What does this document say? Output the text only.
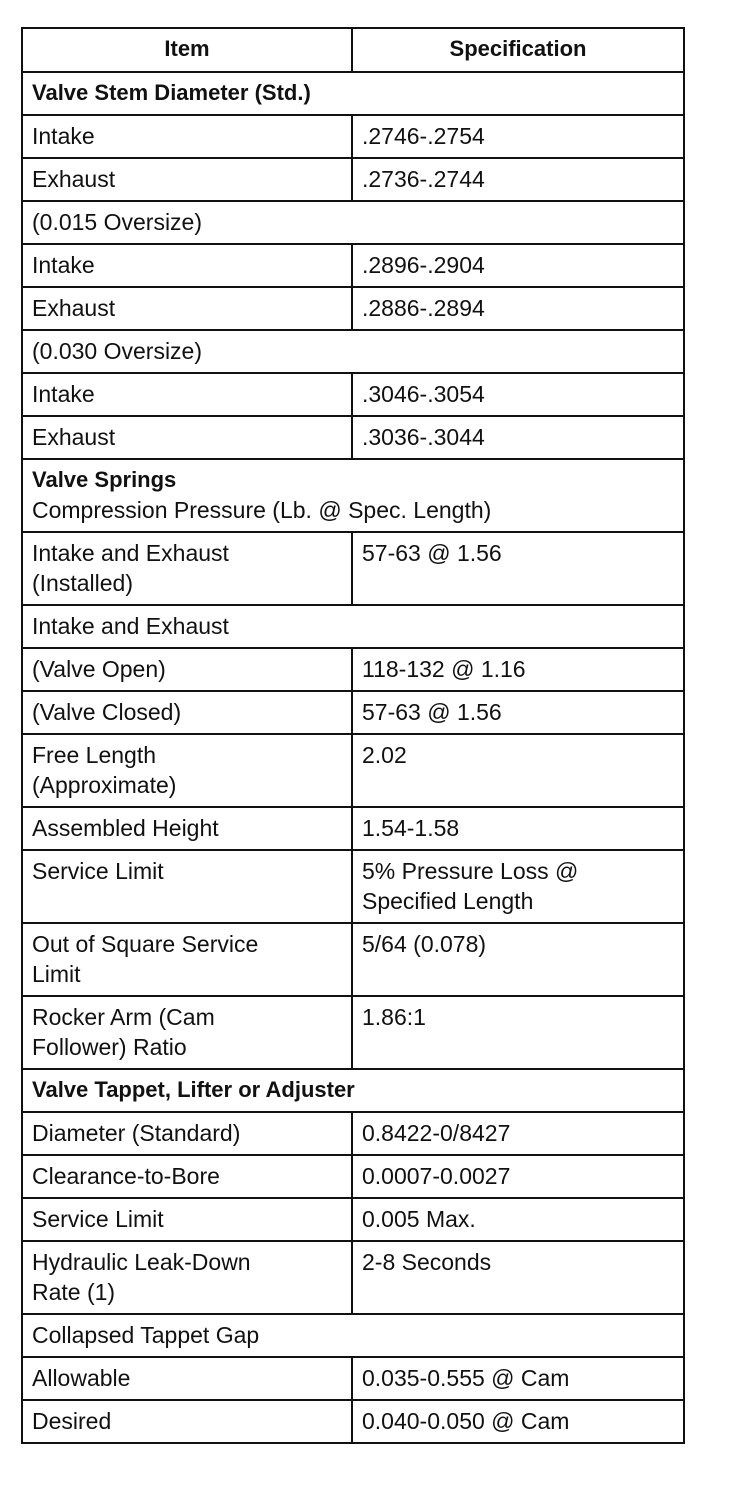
Item	Specification

Valve Stem Diameter (Std.)	

Intake	.2746-.2754

Exhaust	.2736-.2744

(0.015 Oversize)	

Intake	.2896-.2904

Exhaust	.2886-.2894

(0.030 Oversize)	

Intake	.3046-.3054

Exhaust	.3036-.3044

Valve Springs
Compression Pressure (Lb. @ Spec. Length)	

Intake and Exhaust
(Installed)	57-63 @ 1.56

Intake and Exhaust	

(Valve Open)	118-132 @ 1.16

(Valve Closed)	57-63 @ 1.56

Free Length
(Approximate)	2.02

Assembled Height	1.54-1.58

Service Limit	5% Pressure Loss @
Specified Length

Out of Square Service
Limit	5/64 (0.078)

Rocker Arm (Cam
Follower) Ratio	1.86:1

Valve Tappet, Lifter or Adjuster	

Diameter (Standard)	0.8422-0/8427

Clearance-to-Bore	0.0007-0.0027

Service Limit	0.005 Max.

Hydraulic Leak-Down
Rate (1)	2-8 Seconds

Collapsed Tappet Gap	

Allowable	0.035-0.555 @ Cam

Desired	0.040-0.050 @ Cam
